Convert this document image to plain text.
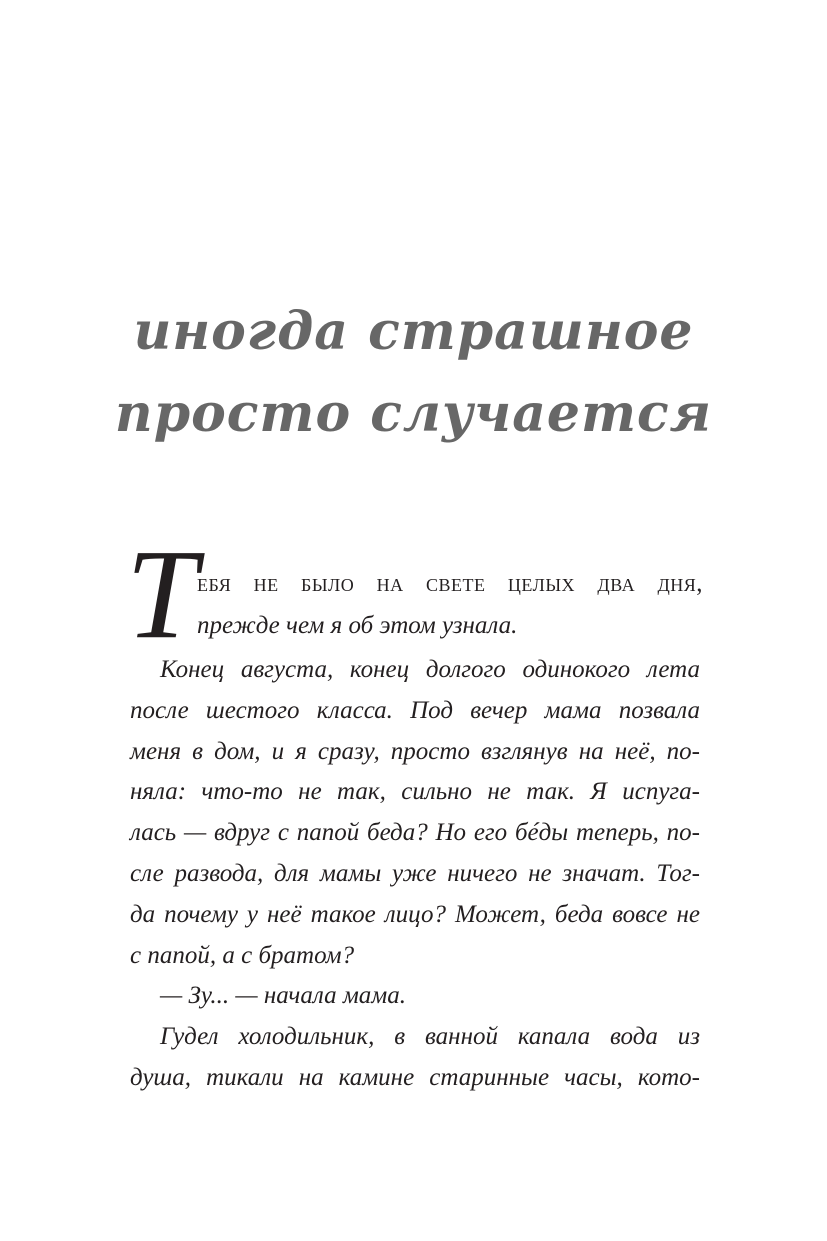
иногда страшное
просто случается
Т ебя не было на свете целых два дня,
прежде чем я об этом узнала.
Конец августа, конец долгого одинокого лета
после шестого класса. Под вечер мама позвала
меня в дом, и я сразу, просто взглянув на неё, по-
няла: что-то не так, сильно не так. Я испуга-
лась — вдруг с папой беда? Но его бéды теперь, по-
сле развода, для мамы уже ничего не значат. Тог-
да почему у неё такое лицо? Может, беда вовсе не
с папой, а с братом?
— Зу... — начала мама.
Гудел холодильник, в ванной капала вода из
душа, тикали на камине старинные часы, кото-
